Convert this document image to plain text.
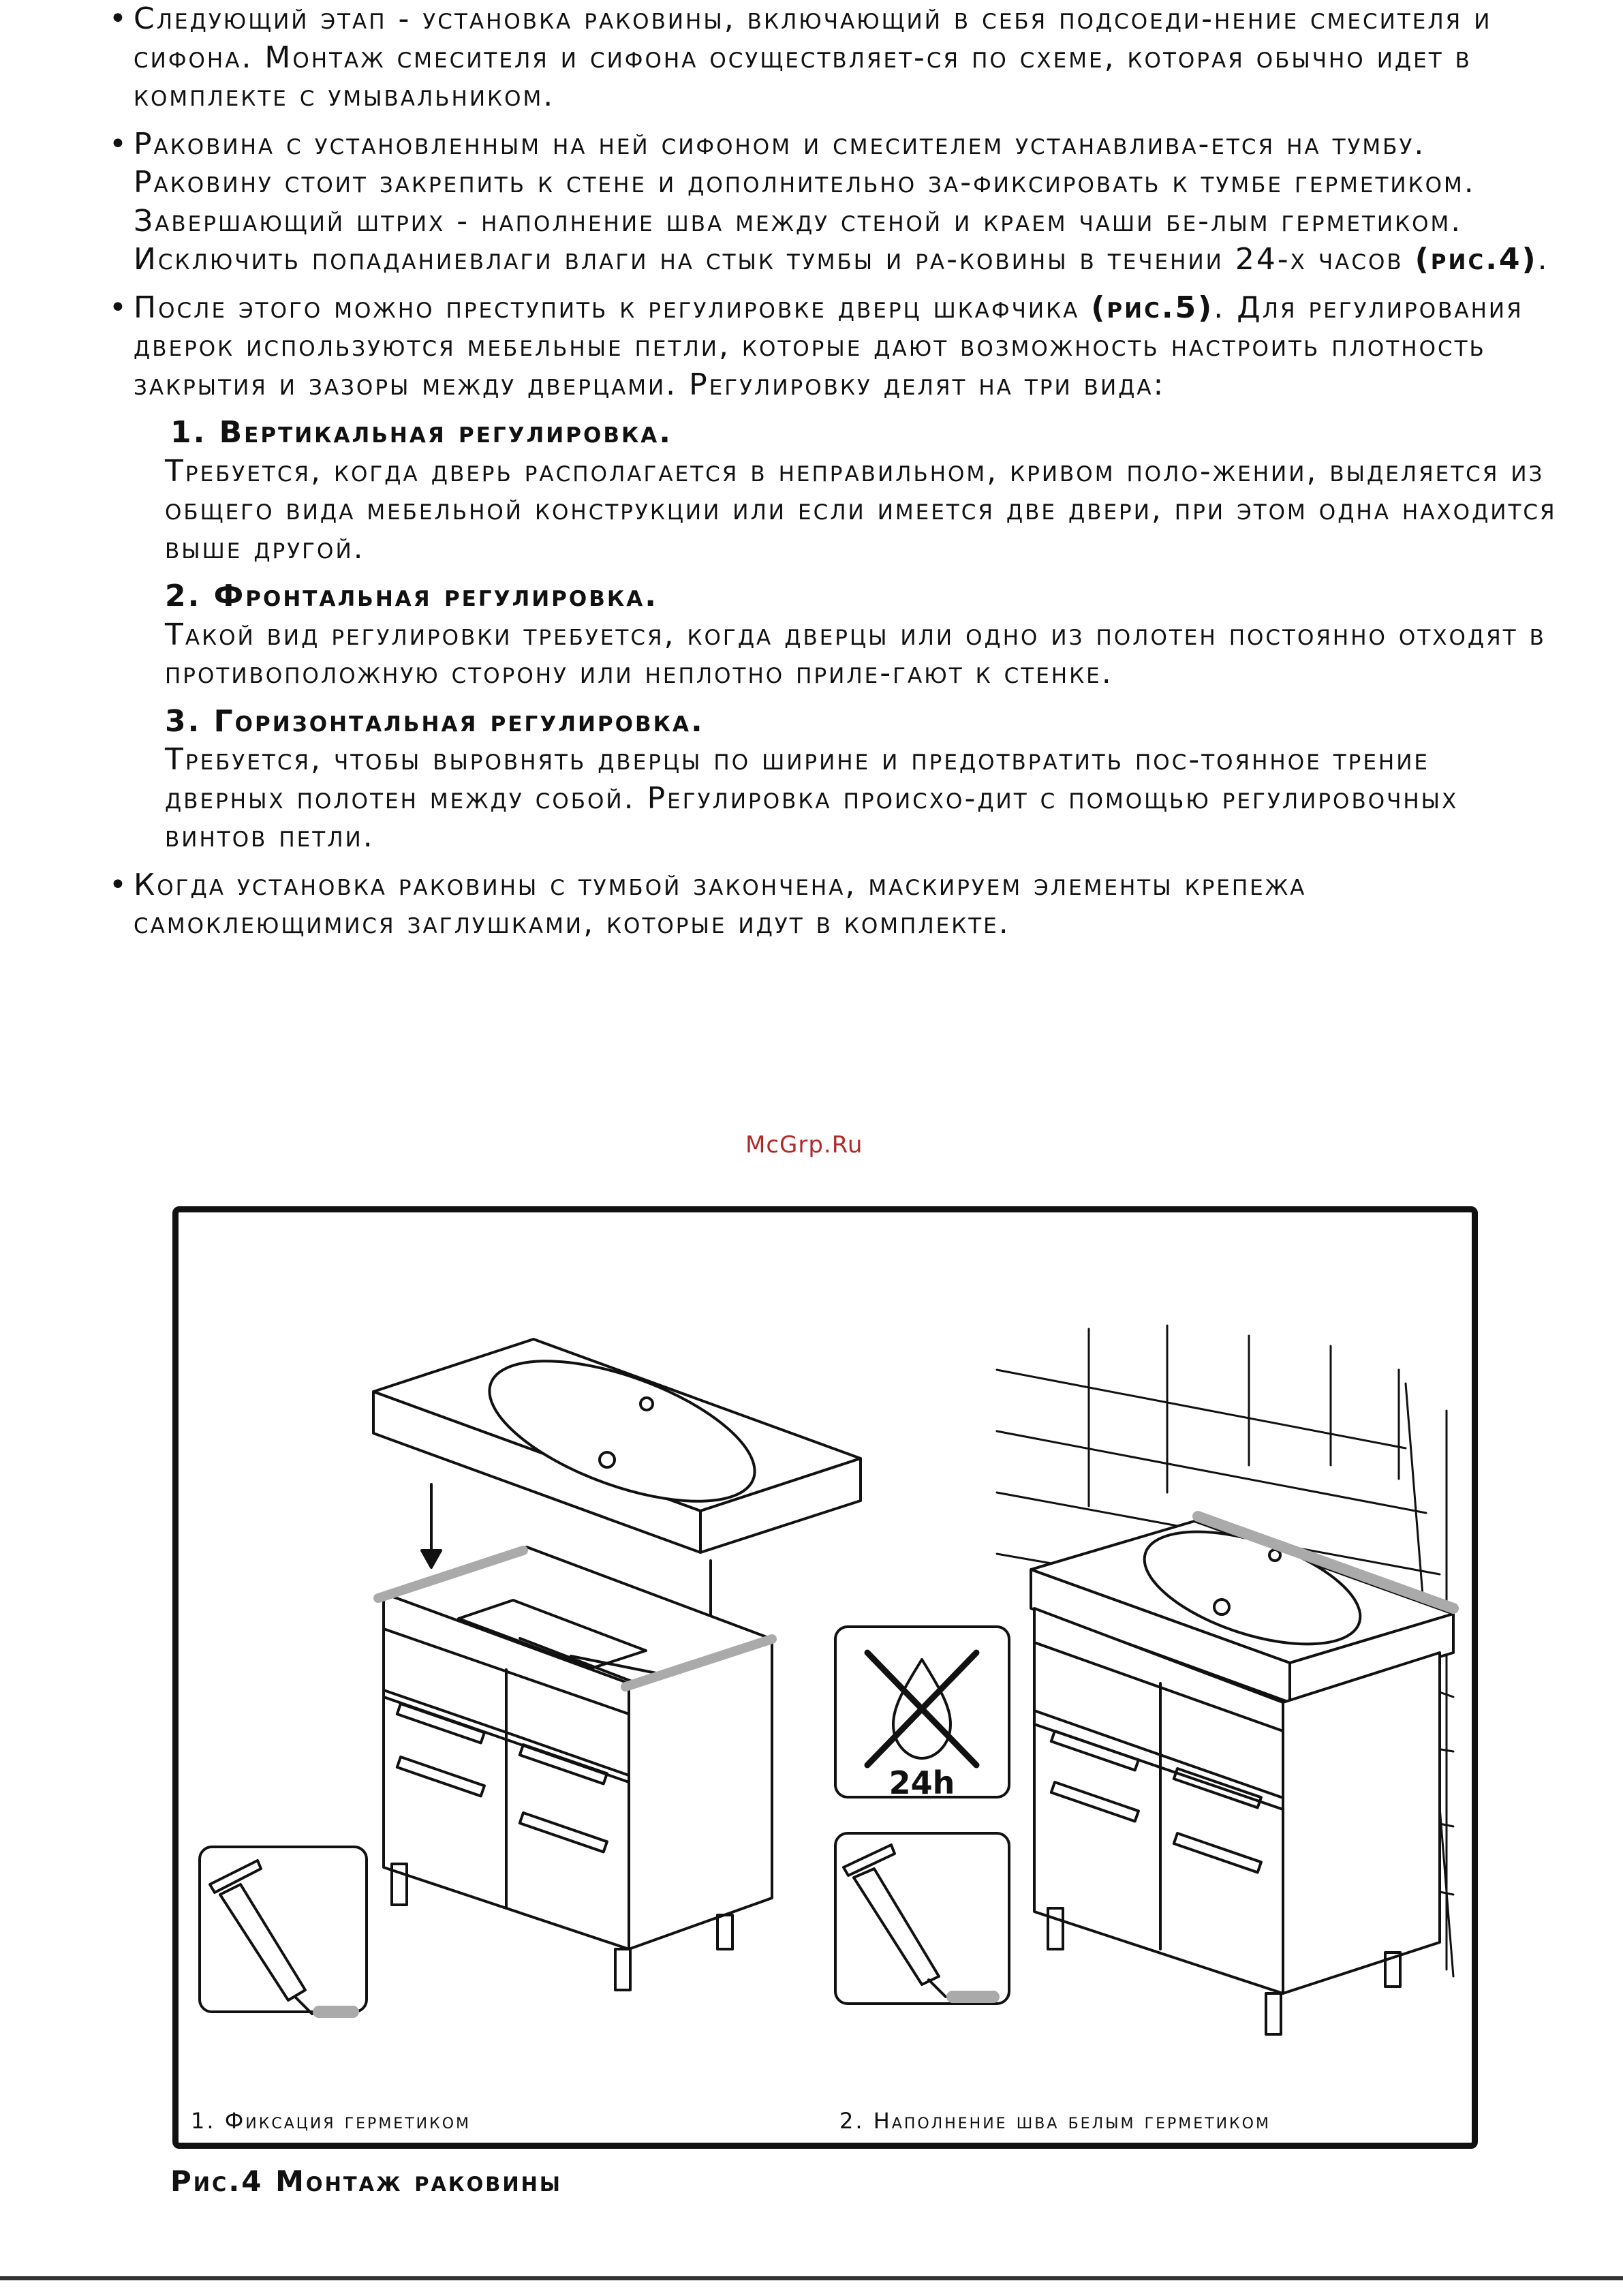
• Следующий этап - установка раковины, включающий в себя подсоеди-нение смесителя и сифона. Монтаж смесителя и сифона осуществляет-ся по схеме, которая обычно идет в комплекте с умывальником.

• Раковина с установленным на ней сифоном и смесителем устанавлива-ется на тумбу. Раковину стоит закрепить к стене и дополнительно за-фиксировать к тумбе герметиком.

Завершающий штрих - наполнение шва между стеной и краем чаши бе-лым герметиком. Исключить попаданиевлаги влаги на стык тумбы и ра-ковины в течении 24-х часов (рис.4).

• После этого можно преступить к регулировке дверц шкафчика (рис.5). Для регулирования дверок используются мебельные петли, которые дают возможность настроить плотность закрытия и зазоры между дверцами. Регулировку делят на три вида:

1. Вертикальная регулировка.

Требуется, когда дверь располагается в неправильном, кривом поло-жении, выделяется из общего вида мебельной конструкции или если имеется две двери, при этом одна находится выше другой.

2. Фронтальная регулировка.

Такой вид регулировки требуется, когда дверцы или одно из полотен постоянно отходят в противоположную сторону или неплотно приле-гают к стенке.

3. Горизонтальная регулировка.

Требуется, чтобы выровнять дверцы по ширине и предотвратить пос-тоянное трение дверных полотен между собой. Регулировка происхо-дит с помощью регулировочных винтов петли.

• Когда установка раковины с тумбой закончена, маскируем элементы крепежа самоклеющимися заглушками, которые идут в комплекте.

McGrp.Ru
24h
1. Фиксация герметиком	2. Наполнение шва белым герметиком
Рис.4 Монтаж раковины
